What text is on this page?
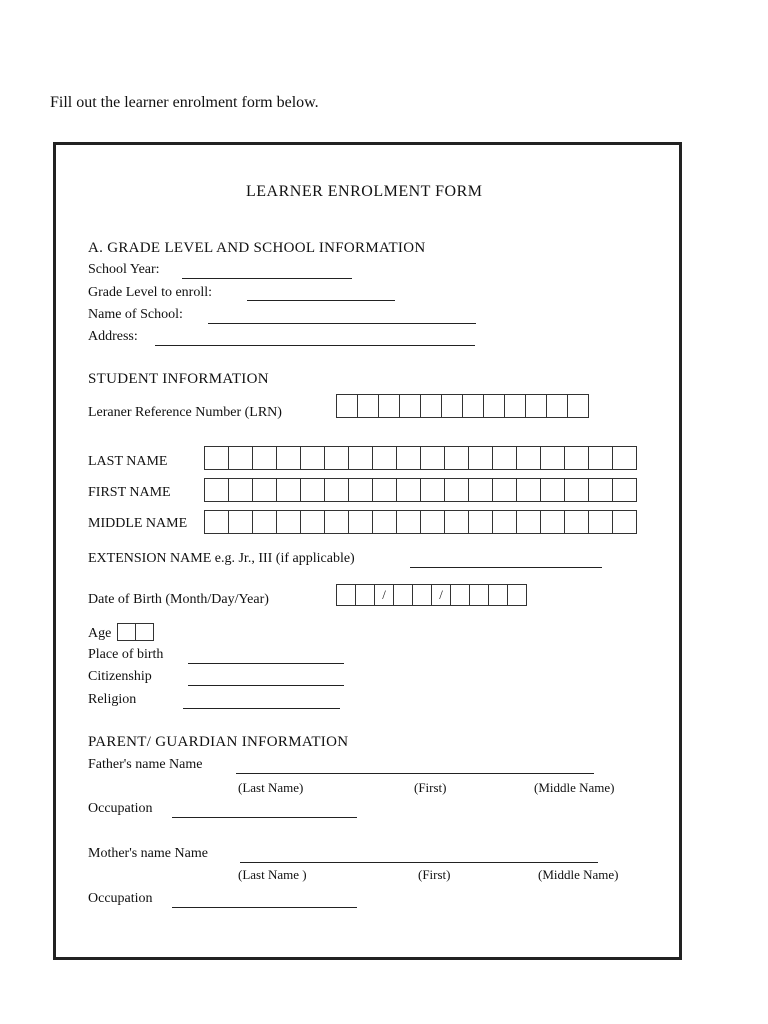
Fill out the learner enrolment form below.
LEARNER ENROLMENT FORM
A. GRADE LEVEL AND SCHOOL INFORMATION
School Year:
Grade Level to enroll:
Name of School:
Address:
STUDENT INFORMATION
Leraner Reference Number (LRN)
LAST NAME
FIRST NAME
MIDDLE NAME
EXTENSION NAME e.g. Jr., III (if applicable)
Date of Birth (Month/Day/Year)	/	/
Age
Place of birth
Citizenship
Religion
PARENT/ GUARDIAN INFORMATION
Father's name Name
(Last Name)	(First)	(Middle Name)
Occupation
Mother's name Name
(Last Name )	(First)	(Middle Name)
Occupation
